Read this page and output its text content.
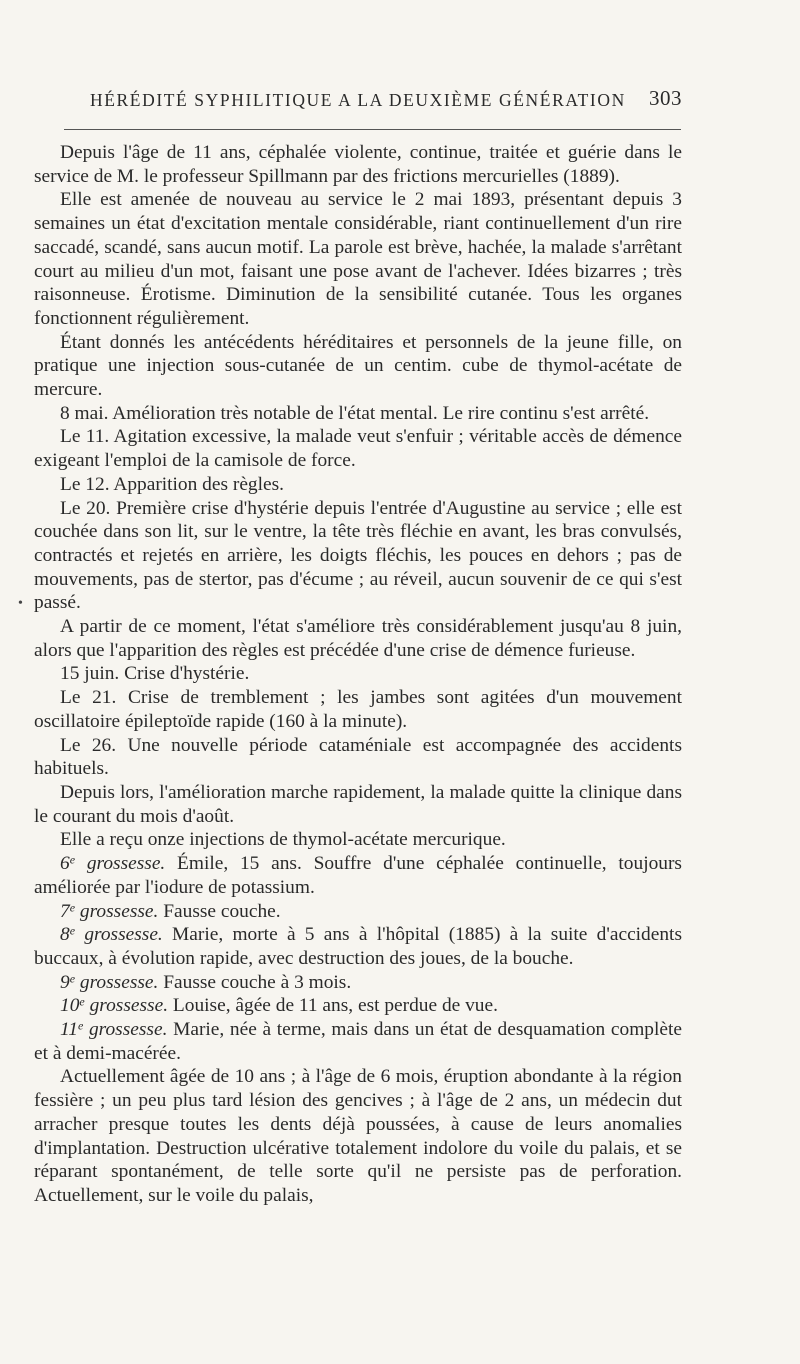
HÉRÉDITÉ SYPHILITIQUE A LA DEUXIÈME GÉNÉRATION 303
•

Depuis l'âge de 11 ans, céphalée violente, continue, traitée et guérie dans le service de M. le professeur Spillmann par des frictions mercurielles (1889).

Elle est amenée de nouveau au service le 2 mai 1893, présentant depuis 3 semaines un état d'excitation mentale considérable, riant continuellement d'un rire saccadé, scandé, sans aucun motif. La parole est brève, hachée, la malade s'arrêtant court au milieu d'un mot, faisant une pose avant de l'achever. Idées bizarres ; très raisonneuse. Érotisme. Diminution de la sensibilité cutanée. Tous les organes fonctionnent régulièrement.

Étant donnés les antécédents héréditaires et personnels de la jeune fille, on pratique une injection sous-cutanée de un centim. cube de thymol-acétate de mercure.

8 mai. Amélioration très notable de l'état mental. Le rire continu s'est arrêté.

Le 11. Agitation excessive, la malade veut s'enfuir ; véritable accès de démence exigeant l'emploi de la camisole de force.

Le 12. Apparition des règles.

Le 20. Première crise d'hystérie depuis l'entrée d'Augustine au service ; elle est couchée dans son lit, sur le ventre, la tête très fléchie en avant, les bras convulsés, contractés et rejetés en arrière, les doigts fléchis, les pouces en dehors ; pas de mouvements, pas de stertor, pas d'écume ; au réveil, aucun souvenir de ce qui s'est passé.

A partir de ce moment, l'état s'améliore très considérablement jusqu'au 8 juin, alors que l'apparition des règles est précédée d'une crise de démence furieuse.

15 juin. Crise d'hystérie.

Le 21. Crise de tremblement ; les jambes sont agitées d'un mouvement oscillatoire épileptoïde rapide (160 à la minute).

Le 26. Une nouvelle période cataméniale est accompagnée des accidents habituels.

Depuis lors, l'amélioration marche rapidement, la malade quitte la clinique dans le courant du mois d'août.

Elle a reçu onze injections de thymol-acétate mercurique.

6e grossesse. Émile, 15 ans. Souffre d'une céphalée continuelle, toujours améliorée par l'iodure de potassium.

7e grossesse. Fausse couche.

8e grossesse. Marie, morte à 5 ans à l'hôpital (1885) à la suite d'accidents buccaux, à évolution rapide, avec destruction des joues, de la bouche.

9e grossesse. Fausse couche à 3 mois.

10e grossesse. Louise, âgée de 11 ans, est perdue de vue.

11e grossesse. Marie, née à terme, mais dans un état de desquamation complète et à demi-macérée.

Actuellement âgée de 10 ans ; à l'âge de 6 mois, éruption abondante à la région fessière ; un peu plus tard lésion des gencives ; à l'âge de 2 ans, un médecin dut arracher presque toutes les dents déjà poussées, à cause de leurs anomalies d'implantation. Destruction ulcérative totalement indolore du voile du palais, et se réparant spontanément, de telle sorte qu'il ne persiste pas de perforation. Actuellement, sur le voile du palais,
